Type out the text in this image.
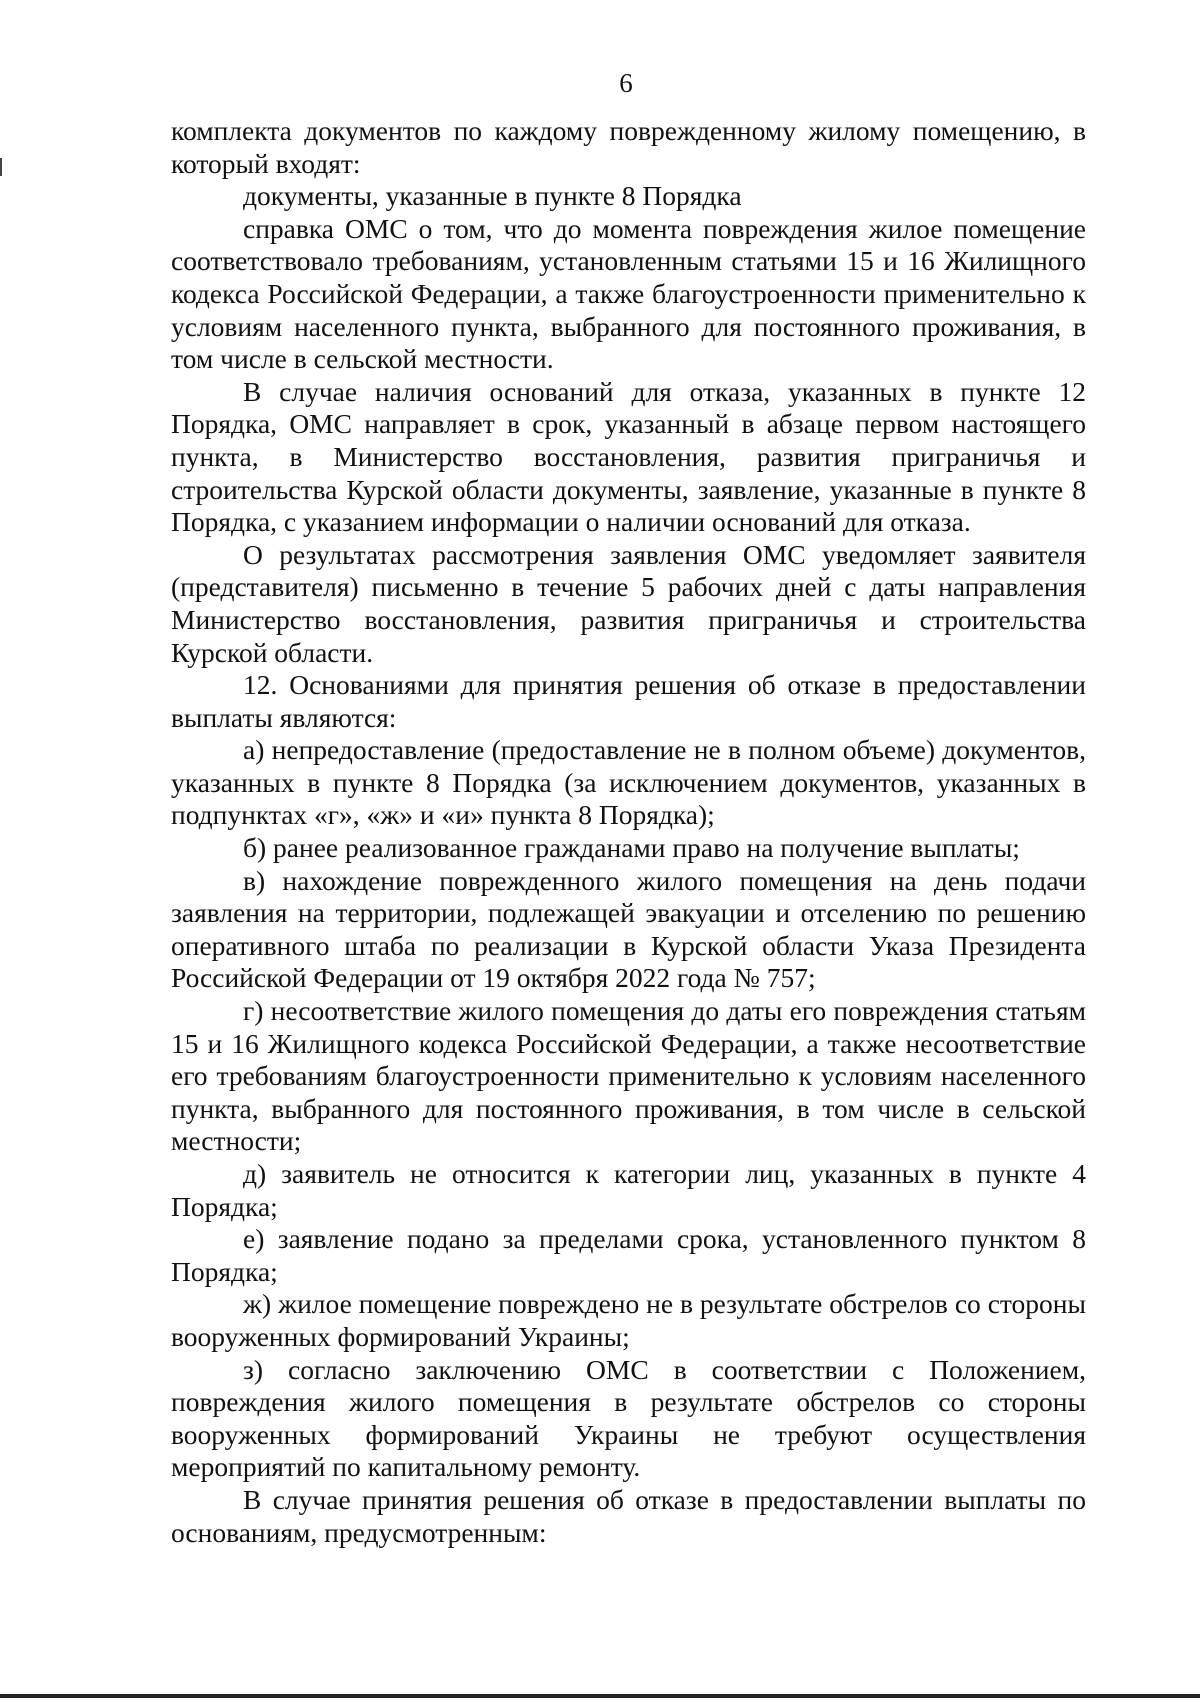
6

комплекта документов по каждому поврежденному жилому помещению, в который входят:

документы, указанные в пункте 8 Порядка

справка ОМС о том, что до момента повреждения жилое помещение соответствовало требованиям, установленным статьями 15 и 16 Жилищного кодекса Российской Федерации, а также благоустроенности применительно к условиям населенного пункта, выбранного для постоянного проживания, в том числе в сельской местности.

В случае наличия оснований для отказа, указанных в пункте 12 Порядка, ОМС направляет в срок, указанный в абзаце первом настоящего пункта, в Министерство восстановления, развития приграничья и строительства Курской области документы, заявление, указанные в пункте 8 Порядка, с указанием информации о наличии оснований для отказа.

О результатах рассмотрения заявления ОМС уведомляет заявителя (представителя) письменно в течение 5 рабочих дней с даты направления Министерство восстановления, развития приграничья и строительства Курской области.

12. Основаниями для принятия решения об отказе в предоставлении выплаты являются:

а) непредоставление (предоставление не в полном объеме) документов, указанных в пункте 8 Порядка (за исключением документов, указанных в подпунктах «г», «ж» и «и» пункта 8 Порядка);

б) ранее реализованное гражданами право на получение выплаты;

в) нахождение поврежденного жилого помещения на день подачи заявления на территории, подлежащей эвакуации и отселению по решению оперативного штаба по реализации в Курской области Указа Президента Российской Федерации от 19 октября 2022 года № 757;

г) несоответствие жилого помещения до даты его повреждения статьям 15 и 16 Жилищного кодекса Российской Федерации, а также несоответствие его требованиям благоустроенности применительно к условиям населенного пункта, выбранного для постоянного проживания, в том числе в сельской местности;

д) заявитель не относится к категории лиц, указанных в пункте 4 Порядка;

е) заявление подано за пределами срока, установленного пунктом 8 Порядка;

ж) жилое помещение повреждено не в результате обстрелов со стороны вооруженных формирований Украины;

з) согласно заключению ОМС в соответствии с Положением, повреждения жилого помещения в результате обстрелов со стороны вооруженных формирований Украины не требуют осуществления мероприятий по капитальному ремонту.

В случае принятия решения об отказе в предоставлении выплаты по основаниям, предусмотренным:
